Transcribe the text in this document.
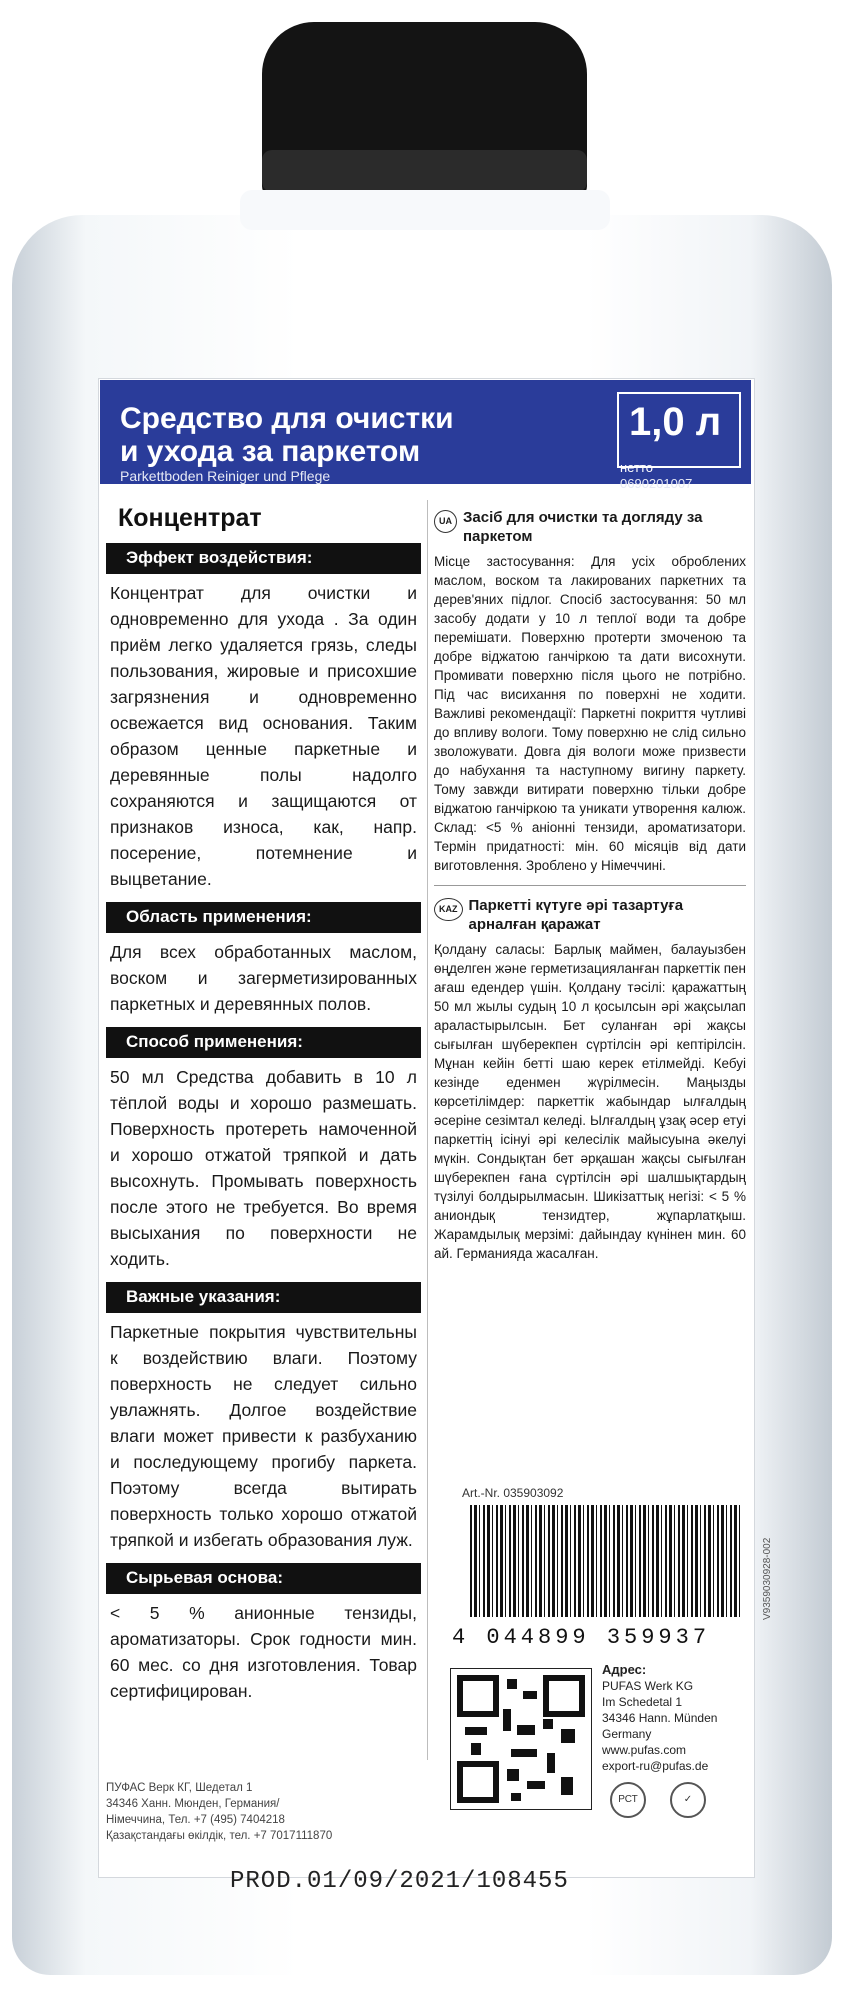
Средство для очистки
и ухода за паркетом
Parkettboden Reiniger und Pflege
1,0 л
нетто
0690201007
Концентрат
Эффект воздействия:
Концентрат для очистки и одновременно для ухода . За один приём легко удаляется грязь, следы пользования, жировые и присохшие загрязнения и одновременно освежается вид основания. Таким образом ценные паркетные и деревянные полы надолго сохраняются и защищаются от признаков износа, как, напр. посерение, потемнение и выцветание.
Область применения:
Для всех обработанных маслом, воском и загерметизированных паркетных и деревянных полов.
Способ применения:
50 мл Средства добавить в 10 л тёплой воды и хорошо размешать. Поверхность протереть намоченной и хорошо отжатой тряпкой и дать высохнуть. Промывать поверхность после этого не требуется. Во время высыхания по поверхности не ходить.
Важные указания:
Паркетные покрытия чувствительны к воздействию влаги. Поэтому поверхность не следует сильно увлажнять. Долгое воздействие влаги может привести к разбуханию и последующему прогибу паркета. Поэтому всегда вытирать поверхность только хорошо отжатой тряпкой и избегать образования луж.
Сырьевая основа:
< 5 % анионные тензиды, ароматизаторы. Срок годности мин. 60 мес. со дня изготовления. Товар сертифицирован.
UA Засіб для очистки та догляду за паркетом
Місце застосування: Для усіх оброблених маслом, воском та лакированих паркетних та дерев'яних підлог. Спосіб застосування: 50 мл засобу додати у 10 л теплої води та добре перемішати. Поверхню протерти змоченою та добре віджатою ганчіркою та дати висохнути. Промивати поверхню після цього не потрібно. Під час висихання по поверхні не ходити. Важливі рекомендації: Паркетні покриття чутливі до впливу вологи. Тому поверхню не слід сильно зволожувати. Довга дія вологи може призвести до набухання та наступному вигину паркету. Тому завжди витирати поверхню тільки добре віджатою ганчіркою та уникати утворення калюж. Склад: <5 % аніонні тензиди, ароматизатори. Термін придатності: мін. 60 місяців від дати виготовлення. Зроблено у Німеччині.
KAZ Паркетті күтуге әрі тазартуға арналған қаражат
Қолдану саласы: Барлық маймен, балауызбен өңделген және герметизацияланған паркеттік пен ағаш едендер үшін. Қолдану тәсілі: қаражаттың 50 мл жылы судың 10 л қосылсын әрі жақсылап араластырылсын. Бет суланған әрі жақсы сығылған шүберекпен сүртілсін әрі кептірілсін. Мұнан кейін бетті шаю керек етілмейді. Кебуі кезінде еденмен жүрілмесін. Маңызды көрсетілімдер: паркеттік жабындар ылғалдың әсеріне сезімтал келеді. Ылғалдың ұзақ әсер етуі паркеттің ісінуі әрі келесілік майысуына әкелуі мүкін. Сондықтан бет әрқашан жақсы сығылған шүберекпен ғана сүртілсін әрі шалшықтардың түзілуі болдырылмасын. Шикізаттық негізі: < 5 % аниондық тензидтер, жұпарлатқыш. Жарамдылық мерзімі: дайындау күнінен мин. 60 ай. Германияда жасалған.
Art.-Nr. 035903092
4 044899 359937
V9359030928-002
Адрес:
PUFAS Werk KG
Im Schedetal 1
34346 Hann. Münden
Germany
www.pufas.com
export-ru@pufas.de
РСТ	✓
ПУФАС Верк КГ, Шедетал 1
34346 Ханн. Мюнден, Германия/
Німеччина, Тел. +7 (495) 7404218
Қазақстандағы өкілдік, тел. +7 7017111870
PROD.01/09/2021/108455
